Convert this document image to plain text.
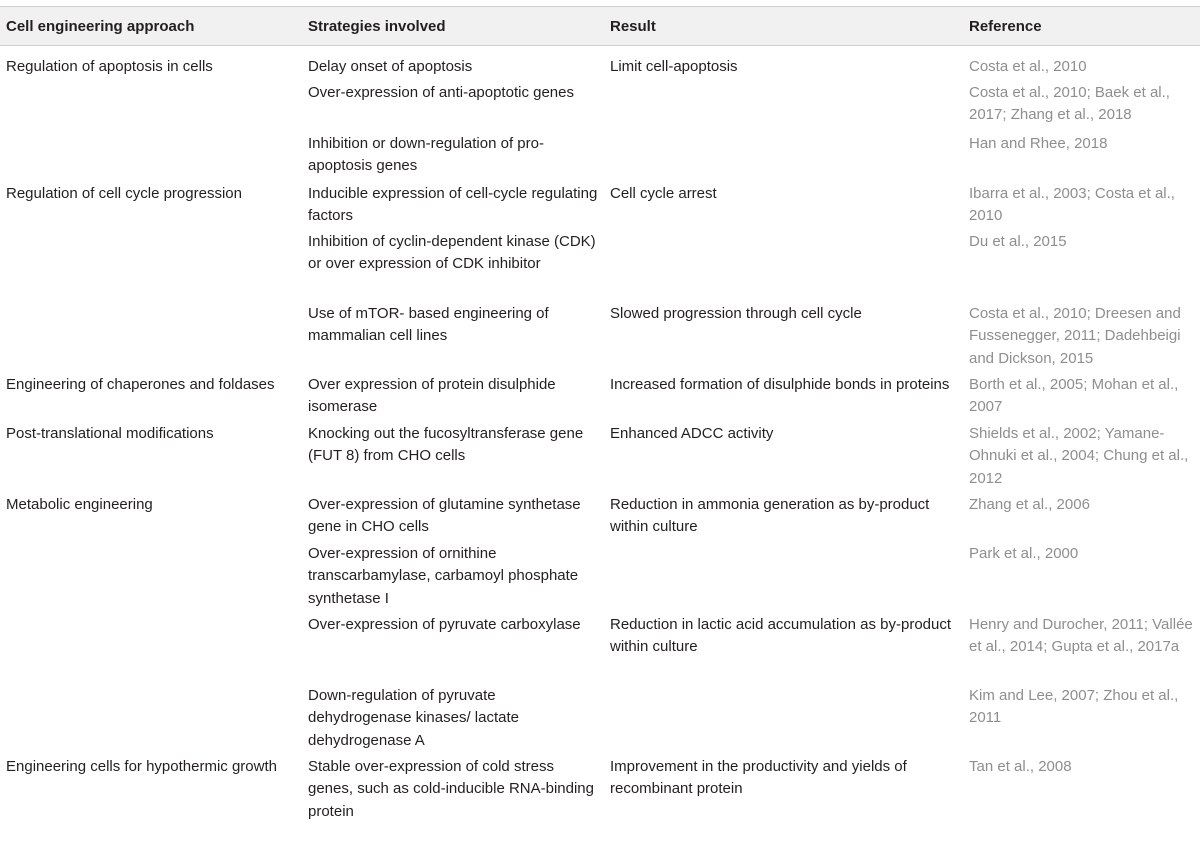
Cell engineering approach	Strategies involved	Result	Reference
Regulation of apoptosis in cells	Delay onset of apoptosis	Limit cell-apoptosis	Costa et al., 2010
	Over-expression of anti-apoptotic genes		Costa et al., 2010; Baek et al., 2017; Zhang et al., 2018
	Inhibition or down-regulation of pro-apoptosis genes		Han and Rhee, 2018
Regulation of cell cycle progression	Inducible expression of cell-cycle regulating factors	Cell cycle arrest	Ibarra et al., 2003; Costa et al., 2010
	Inhibition of cyclin-dependent kinase (CDK) or over expression of CDK inhibitor		Du et al., 2015
	Use of mTOR- based engineering of mammalian cell lines	Slowed progression through cell cycle	Costa et al., 2010; Dreesen and Fussenegger, 2011; Dadehbeigi and Dickson, 2015
Engineering of chaperones and foldases	Over expression of protein disulphide isomerase	Increased formation of disulphide bonds in proteins	Borth et al., 2005; Mohan et al., 2007
Post-translational modifications	Knocking out the fucosyltransferase gene (FUT 8) from CHO cells	Enhanced ADCC activity	Shields et al., 2002; Yamane-Ohnuki et al., 2004; Chung et al., 2012
Metabolic engineering	Over-expression of glutamine synthetase gene in CHO cells	Reduction in ammonia generation as by-product within culture	Zhang et al., 2006
	Over-expression of ornithine transcarbamylase, carbamoyl phosphate synthetase I		Park et al., 2000
	Over-expression of pyruvate carboxylase	Reduction in lactic acid accumulation as by-product within culture	Henry and Durocher, 2011; Vallée et al., 2014; Gupta et al., 2017a
	Down-regulation of pyruvate dehydrogenase kinases/ lactate dehydrogenase A		Kim and Lee, 2007; Zhou et al., 2011
Engineering cells for hypothermic growth	Stable over-expression of cold stress genes, such as cold-inducible RNA-binding protein	Improvement in the productivity and yields of recombinant protein	Tan et al., 2008
